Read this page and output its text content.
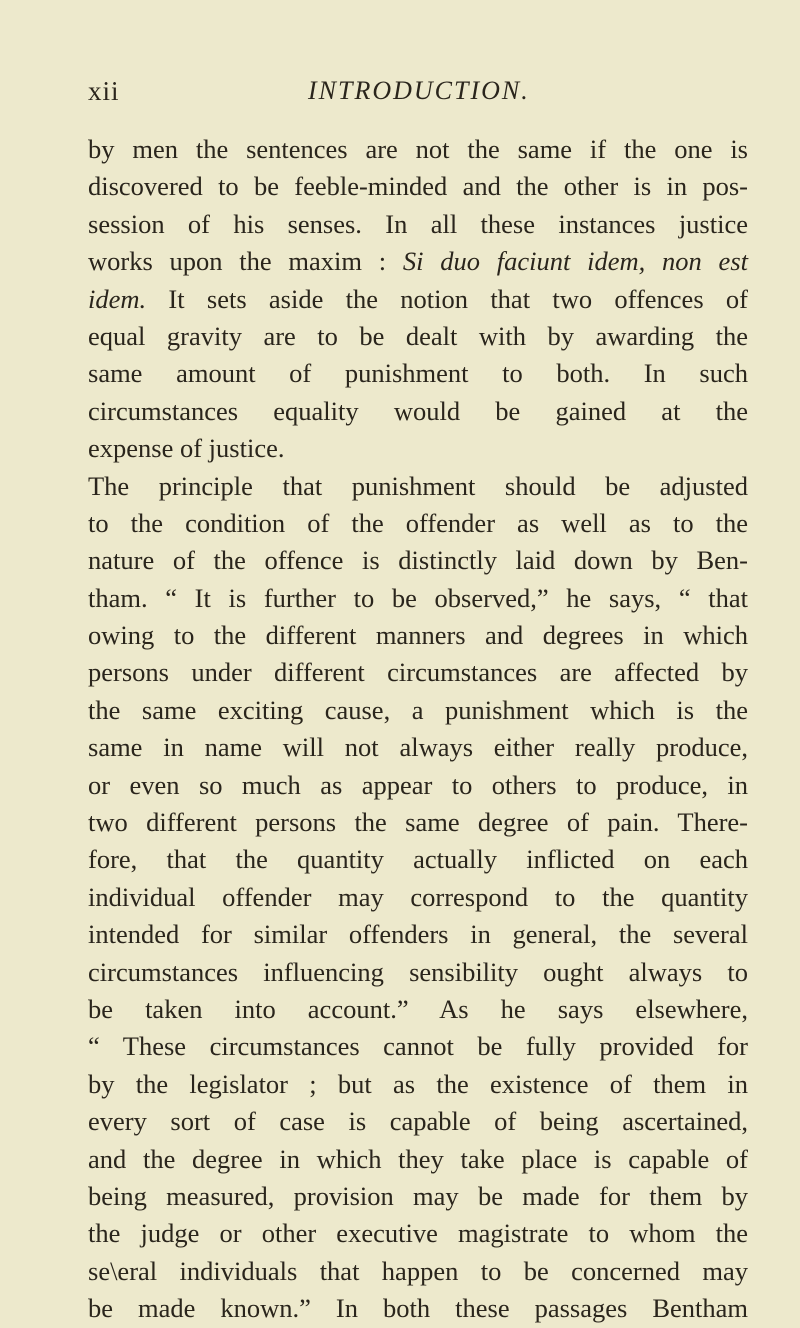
xii	INTRODUCTION.
by men the sentences are not the same if the one is
discovered to be feeble-minded and the other is in pos-
session of his senses. In all these instances justice
works upon the maxim : Si duo faciunt idem, non est
idem. It sets aside the notion that two offences of
equal gravity are to be dealt with by awarding the
same amount of punishment to both. In such
circumstances equality would be gained at the
expense of justice.
The principle that punishment should be adjusted
to the condition of the offender as well as to the
nature of the offence is distinctly laid down by Ben-
tham. “ It is further to be observed,” he says, “ that
owing to the different manners and degrees in which
persons under different circumstances are affected by
the same exciting cause, a punishment which is the
same in name will not always either really produce,
or even so much as appear to others to produce, in
two different persons the same degree of pain. There-
fore, that the quantity actually inflicted on each
individual offender may correspond to the quantity
intended for similar offenders in general, the several
circumstances influencing sensibility ought always to
be taken into account.” As he says elsewhere,
“ These circumstances cannot be fully provided for
by the legislator ; but as the existence of them in
every sort of case is capable of being ascertained,
and the degree in which they take place is capable of
being measured, provision may be made for them by
the judge or other executive magistrate to whom the
se\eral individuals that happen to be concerned may
be made known.” In both these passages Bentham
